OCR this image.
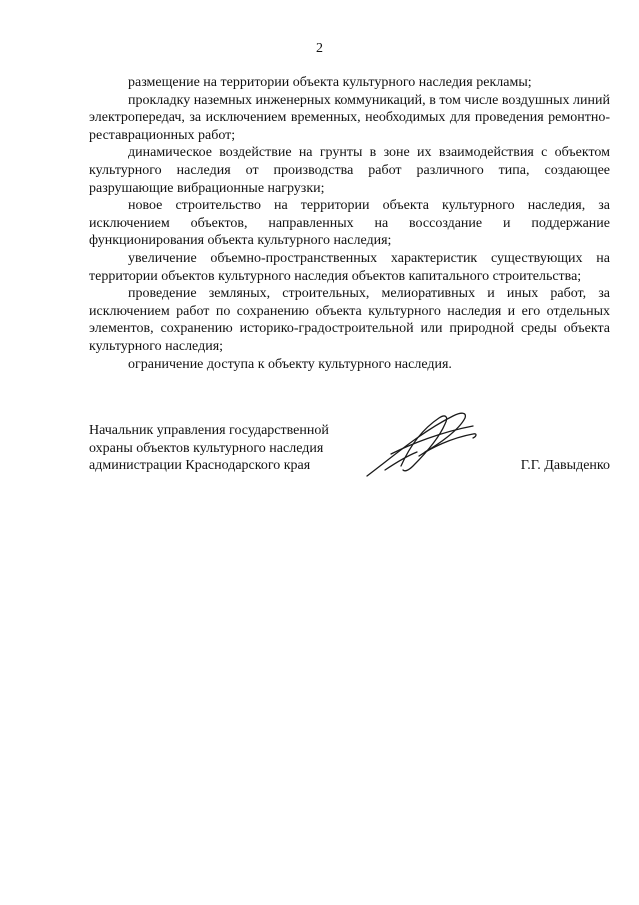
2

размещение на территории объекта культурного наследия рекламы;

прокладку наземных инженерных коммуникаций, в том числе воздушных линий электропередач, за исключением временных, необходимых для проведения ремонтно-реставрационных работ;

динамическое воздействие на грунты в зоне их взаимодействия с объектом культурного наследия от производства работ различного типа, создающее разрушающие вибрационные нагрузки;

новое строительство на территории объекта культурного наследия, за исключением объектов, направленных на воссоздание и поддержание функционирования объекта культурного наследия;

увеличение объемно-пространственных характеристик существующих на территории объектов культурного наследия объектов капитального строительства;

проведение земляных, строительных, мелиоративных и иных работ, за исключением работ по сохранению объекта культурного наследия и его отдельных элементов, сохранению историко-градостроительной или природной среды объекта культурного наследия;

ограничение доступа к объекту культурного наследия.

Начальник управления государственной
охраны объектов культурного наследия
администрации Краснодарского края	Г.Г. Давыденко
